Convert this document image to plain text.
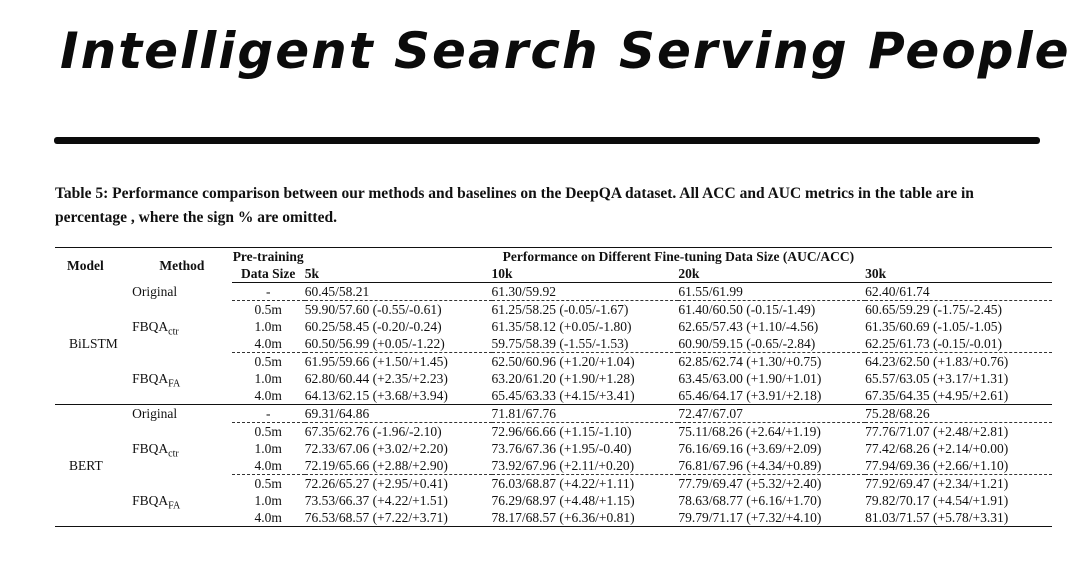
Intelligent Search Serving People

Table 5: Performance comparison between our methods and baselines on the DeepQA dataset. All ACC and AUC metrics in the table are in percentage , where the sign % are omitted.

Model	Method	Pre-training	Performance on Different Fine-tuning Data Size (AUC/ACC)			
		Data Size	5k	10k	20k	30k
BiLSTM	Original	-	60.45/58.21	61.30/59.92	61.55/61.99	62.40/61.74
	$FBQA_{ctr}$	0.5m	59.90/57.60 (-0.55/-0.61)	61.25/58.25 (-0.05/-1.67)	61.40/60.50 (-0.15/-1.49)	60.65/59.29 (-1.75/-2.45)
		1.0m	60.25/58.45 (-0.20/-0.24)	61.35/58.12 (+0.05/-1.80)	62.65/57.43 (+1.10/-4.56)	61.35/60.69 (-1.05/-1.05)
		4.0m	60.50/56.99 (+0.05/-1.22)	59.75/58.39 (-1.55/-1.53)	60.90/59.15 (-0.65/-2.84)	62.25/61.73 (-0.15/-0.01)
	$FBQA_{FA}$	0.5m	61.95/59.66 (+1.50/+1.45)	62.50/60.96 (+1.20/+1.04)	62.85/62.74 (+1.30/+0.75)	64.23/62.50 (+1.83/+0.76)
		1.0m	62.80/60.44 (+2.35/+2.23)	63.20/61.20 (+1.90/+1.28)	63.45/63.00 (+1.90/+1.01)	65.57/63.05 (+3.17/+1.31)
		4.0m	64.13/62.15 (+3.68/+3.94)	65.45/63.33 (+4.15/+3.41)	65.46/64.17 (+3.91/+2.18)	67.35/64.35 (+4.95/+2.61)
BERT	Original	-	69.31/64.86	71.81/67.76	72.47/67.07	75.28/68.26
	$FBQA_{ctr}$	0.5m	67.35/62.76 (-1.96/-2.10)	72.96/66.66 (+1.15/-1.10)	75.11/68.26 (+2.64/+1.19)	77.76/71.07 (+2.48/+2.81)
		1.0m	72.33/67.06 (+3.02/+2.20)	73.76/67.36 (+1.95/-0.40)	76.16/69.16 (+3.69/+2.09)	77.42/68.26 (+2.14/+0.00)
		4.0m	72.19/65.66 (+2.88/+2.90)	73.92/67.96 (+2.11/+0.20)	76.81/67.96 (+4.34/+0.89)	77.94/69.36 (+2.66/+1.10)
	$FBQA_{FA}$	0.5m	72.26/65.27 (+2.95/+0.41)	76.03/68.87 (+4.22/+1.11)	77.79/69.47 (+5.32/+2.40)	77.92/69.47 (+2.34/+1.21)
		1.0m	73.53/66.37 (+4.22/+1.51)	76.29/68.97 (+4.48/+1.15)	78.63/68.77 (+6.16/+1.70)	79.82/70.17 (+4.54/+1.91)
		4.0m	76.53/68.57 (+7.22/+3.71)	78.17/68.57 (+6.36/+0.81)	79.79/71.17 (+7.32/+4.10)	81.03/71.57 (+5.78/+3.31)
